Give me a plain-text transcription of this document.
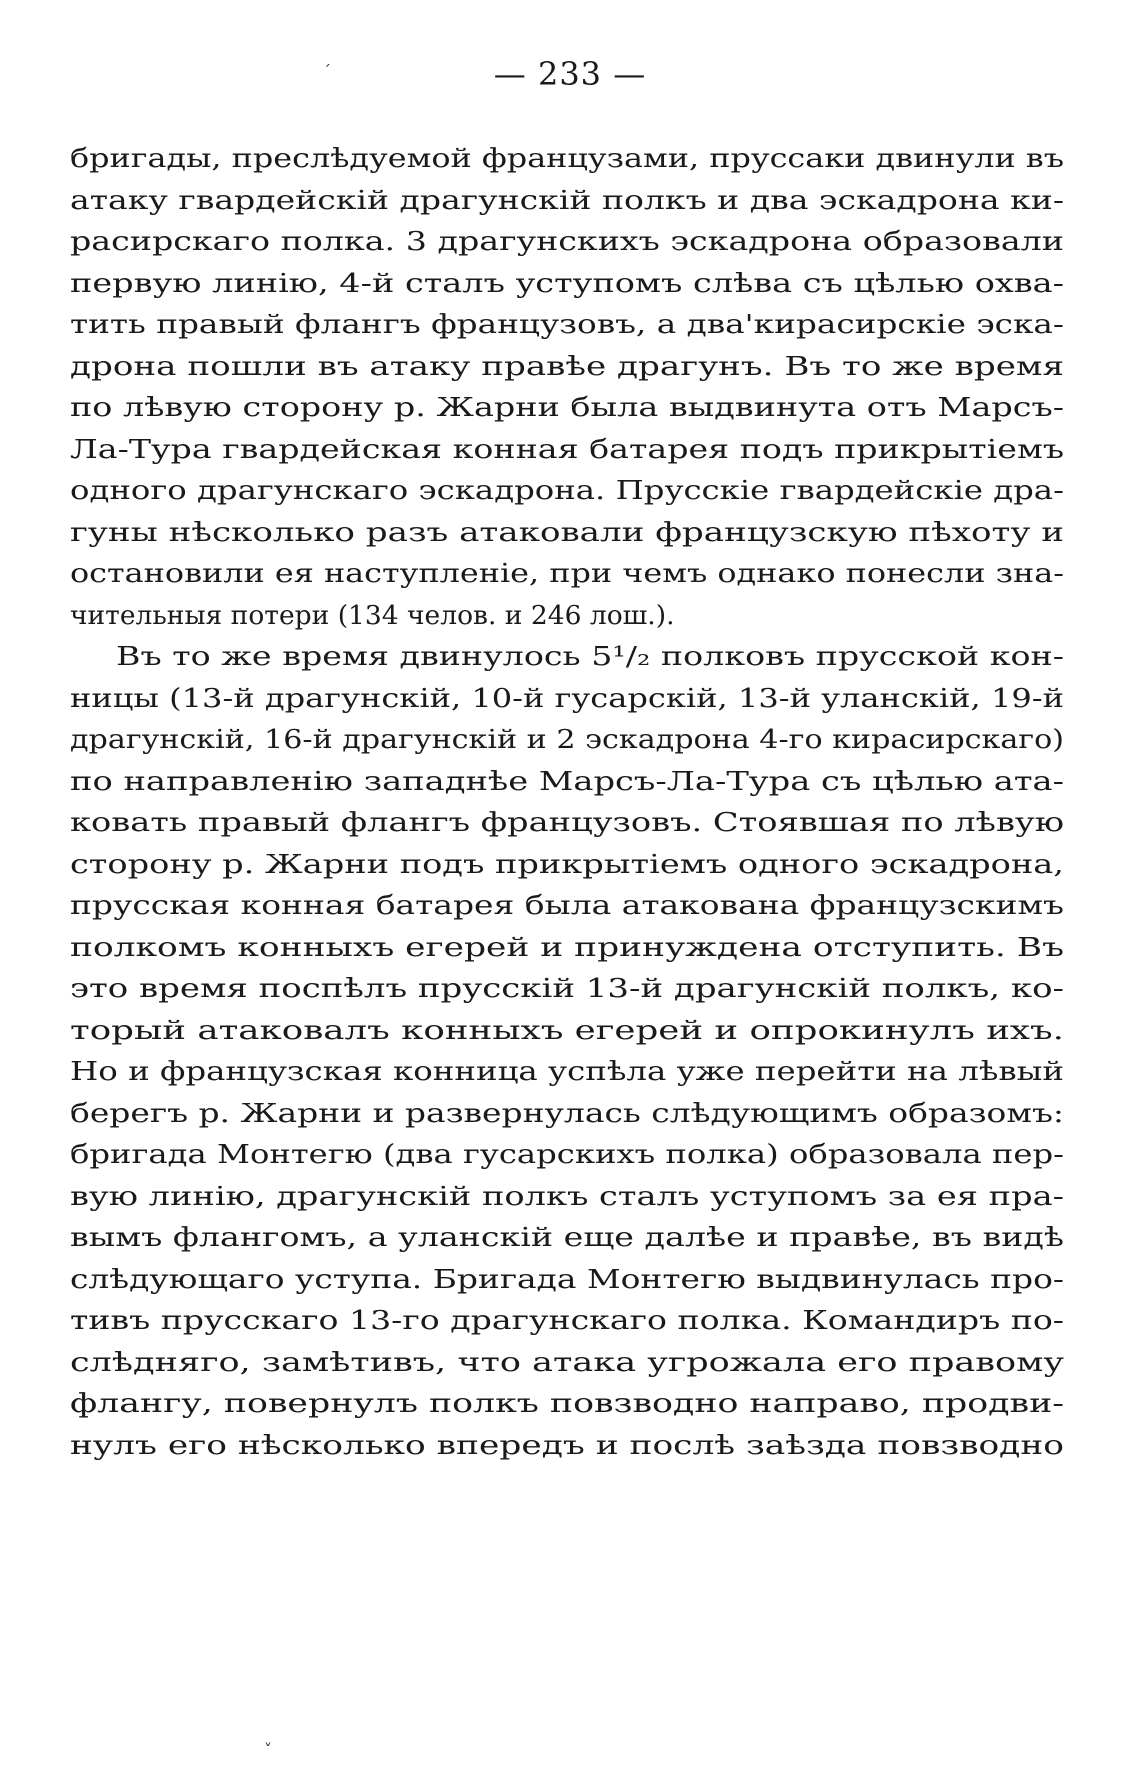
— 233 —
бригады, преслѣдуемой французами, пруссаки двинули въ
атаку гвардейскій драгунскій полкъ и два эскадрона ки-
расирскаго полка. 3 драгунскихъ эскадрона образовали
первую линію, 4-й сталъ уступомъ слѣва съ цѣлью охва-
тить правый флангъ французовъ, а два'кирасирскіе эска-
дрона пошли въ атаку правѣе драгунъ. Въ то же время
по лѣвую сторону р. Жарни была выдвинута отъ Марсъ-
Ла-Тура гвардейская конная батарея подъ прикрытіемъ
одного драгунскаго эскадрона. Прусскіе гвардейскіе дра-
гуны нѣсколько разъ атаковали французскую пѣхоту и
остановили ея наступленіе, при чемъ однако понесли зна-
чительныя потери (134 челов. и 246 лош.).
Въ то же время двинулось 5¹/₂ полковъ прусской кон-
ницы (13-й драгунскій, 10-й гусарскій, 13-й уланскій, 19-й
драгунскій, 16-й драгунскій и 2 эскадрона 4-го кирасирскаго)
по направленію западнѣе Марсъ-Ла-Тура съ цѣлью ата-
ковать правый флангъ французовъ. Стоявшая по лѣвую
сторону р. Жарни подъ прикрытіемъ одного эскадрона,
прусская конная батарея была атакована французскимъ
полкомъ конныхъ егерей и принуждена отступить. Въ
это время поспѣлъ прусскій 13-й драгунскій полкъ, ко-
торый атаковалъ конныхъ егерей и опрокинулъ ихъ.
Но и французская конница успѣла уже перейти на лѣвый
берегъ р. Жарни и развернулась слѣдующимъ образомъ:
бригада Монтегю (два гусарскихъ полка) образовала пер-
вую линію, драгунскій полкъ сталъ уступомъ за ея пра-
вымъ флангомъ, а уланскій еще далѣе и правѣе, въ видѣ
слѣдующаго уступа. Бригада Монтегю выдвинулась про-
тивъ прусскаго 13-го драгунскаго полка. Командиръ по-
слѣдняго, замѣтивъ, что атака угрожала его правому
флангу, повернулъ полкъ повзводно направо, продви-
нулъ его нѣсколько впередъ и послѣ заѣзда повзводно
ˊ
˅
